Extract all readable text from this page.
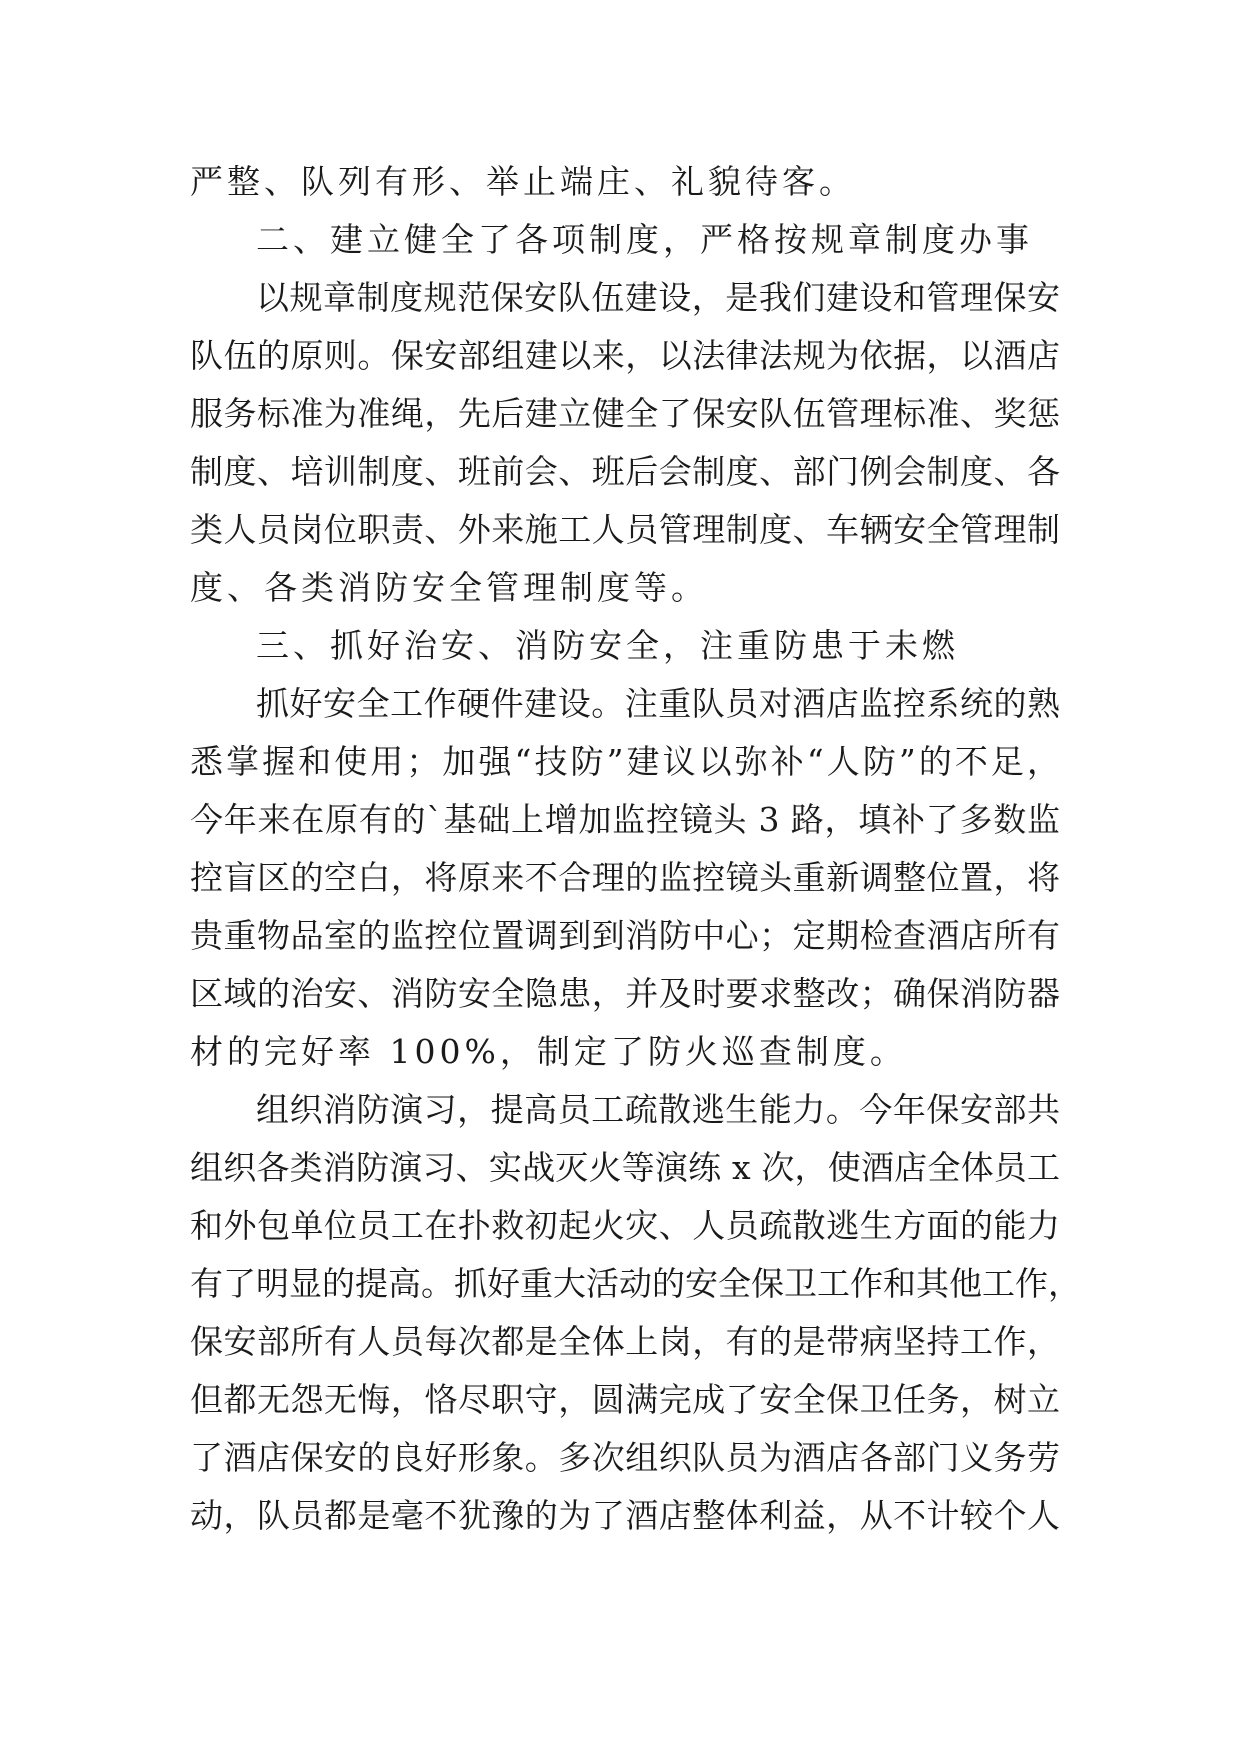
严整、队列有形、举止端庄、礼貌待客。
二、建立健全了各项制度，严格按规章制度办事
以规章制度规范保安队伍建设，是我们建设和管理保安
队伍的原则。保安部组建以来，以法律法规为依据，以酒店
服务标准为准绳，先后建立健全了保安队伍管理标准、奖惩
制度、培训制度、班前会、班后会制度、部门例会制度、各
类人员岗位职责、外来施工人员管理制度、车辆安全管理制
度、各类消防安全管理制度等。
三、抓好治安、消防安全，注重防患于未燃
抓好安全工作硬件建设。注重队员对酒店监控系统的熟
悉掌握和使用；加强“技防”建议以弥补“人防”的不足，
今年来在原有的`基础上增加监控镜头 3 路，填补了多数监
控盲区的空白，将原来不合理的监控镜头重新调整位置，将
贵重物品室的监控位置调到到消防中心；定期检查酒店所有
区域的治安、消防安全隐患，并及时要求整改；确保消防器
材的完好率 100%，制定了防火巡查制度。
组织消防演习，提高员工疏散逃生能力。今年保安部共
组织各类消防演习、实战灭火等演练 x 次，使酒店全体员工
和外包单位员工在扑救初起火灾、人员疏散逃生方面的能力
有了明显的提高。抓好重大活动的安全保卫工作和其他工作，
保安部所有人员每次都是全体上岗，有的是带病坚持工作，
但都无怨无悔，恪尽职守，圆满完成了安全保卫任务，树立
了酒店保安的良好形象。多次组织队员为酒店各部门义务劳
动，队员都是毫不犹豫的为了酒店整体利益，从不计较个人
